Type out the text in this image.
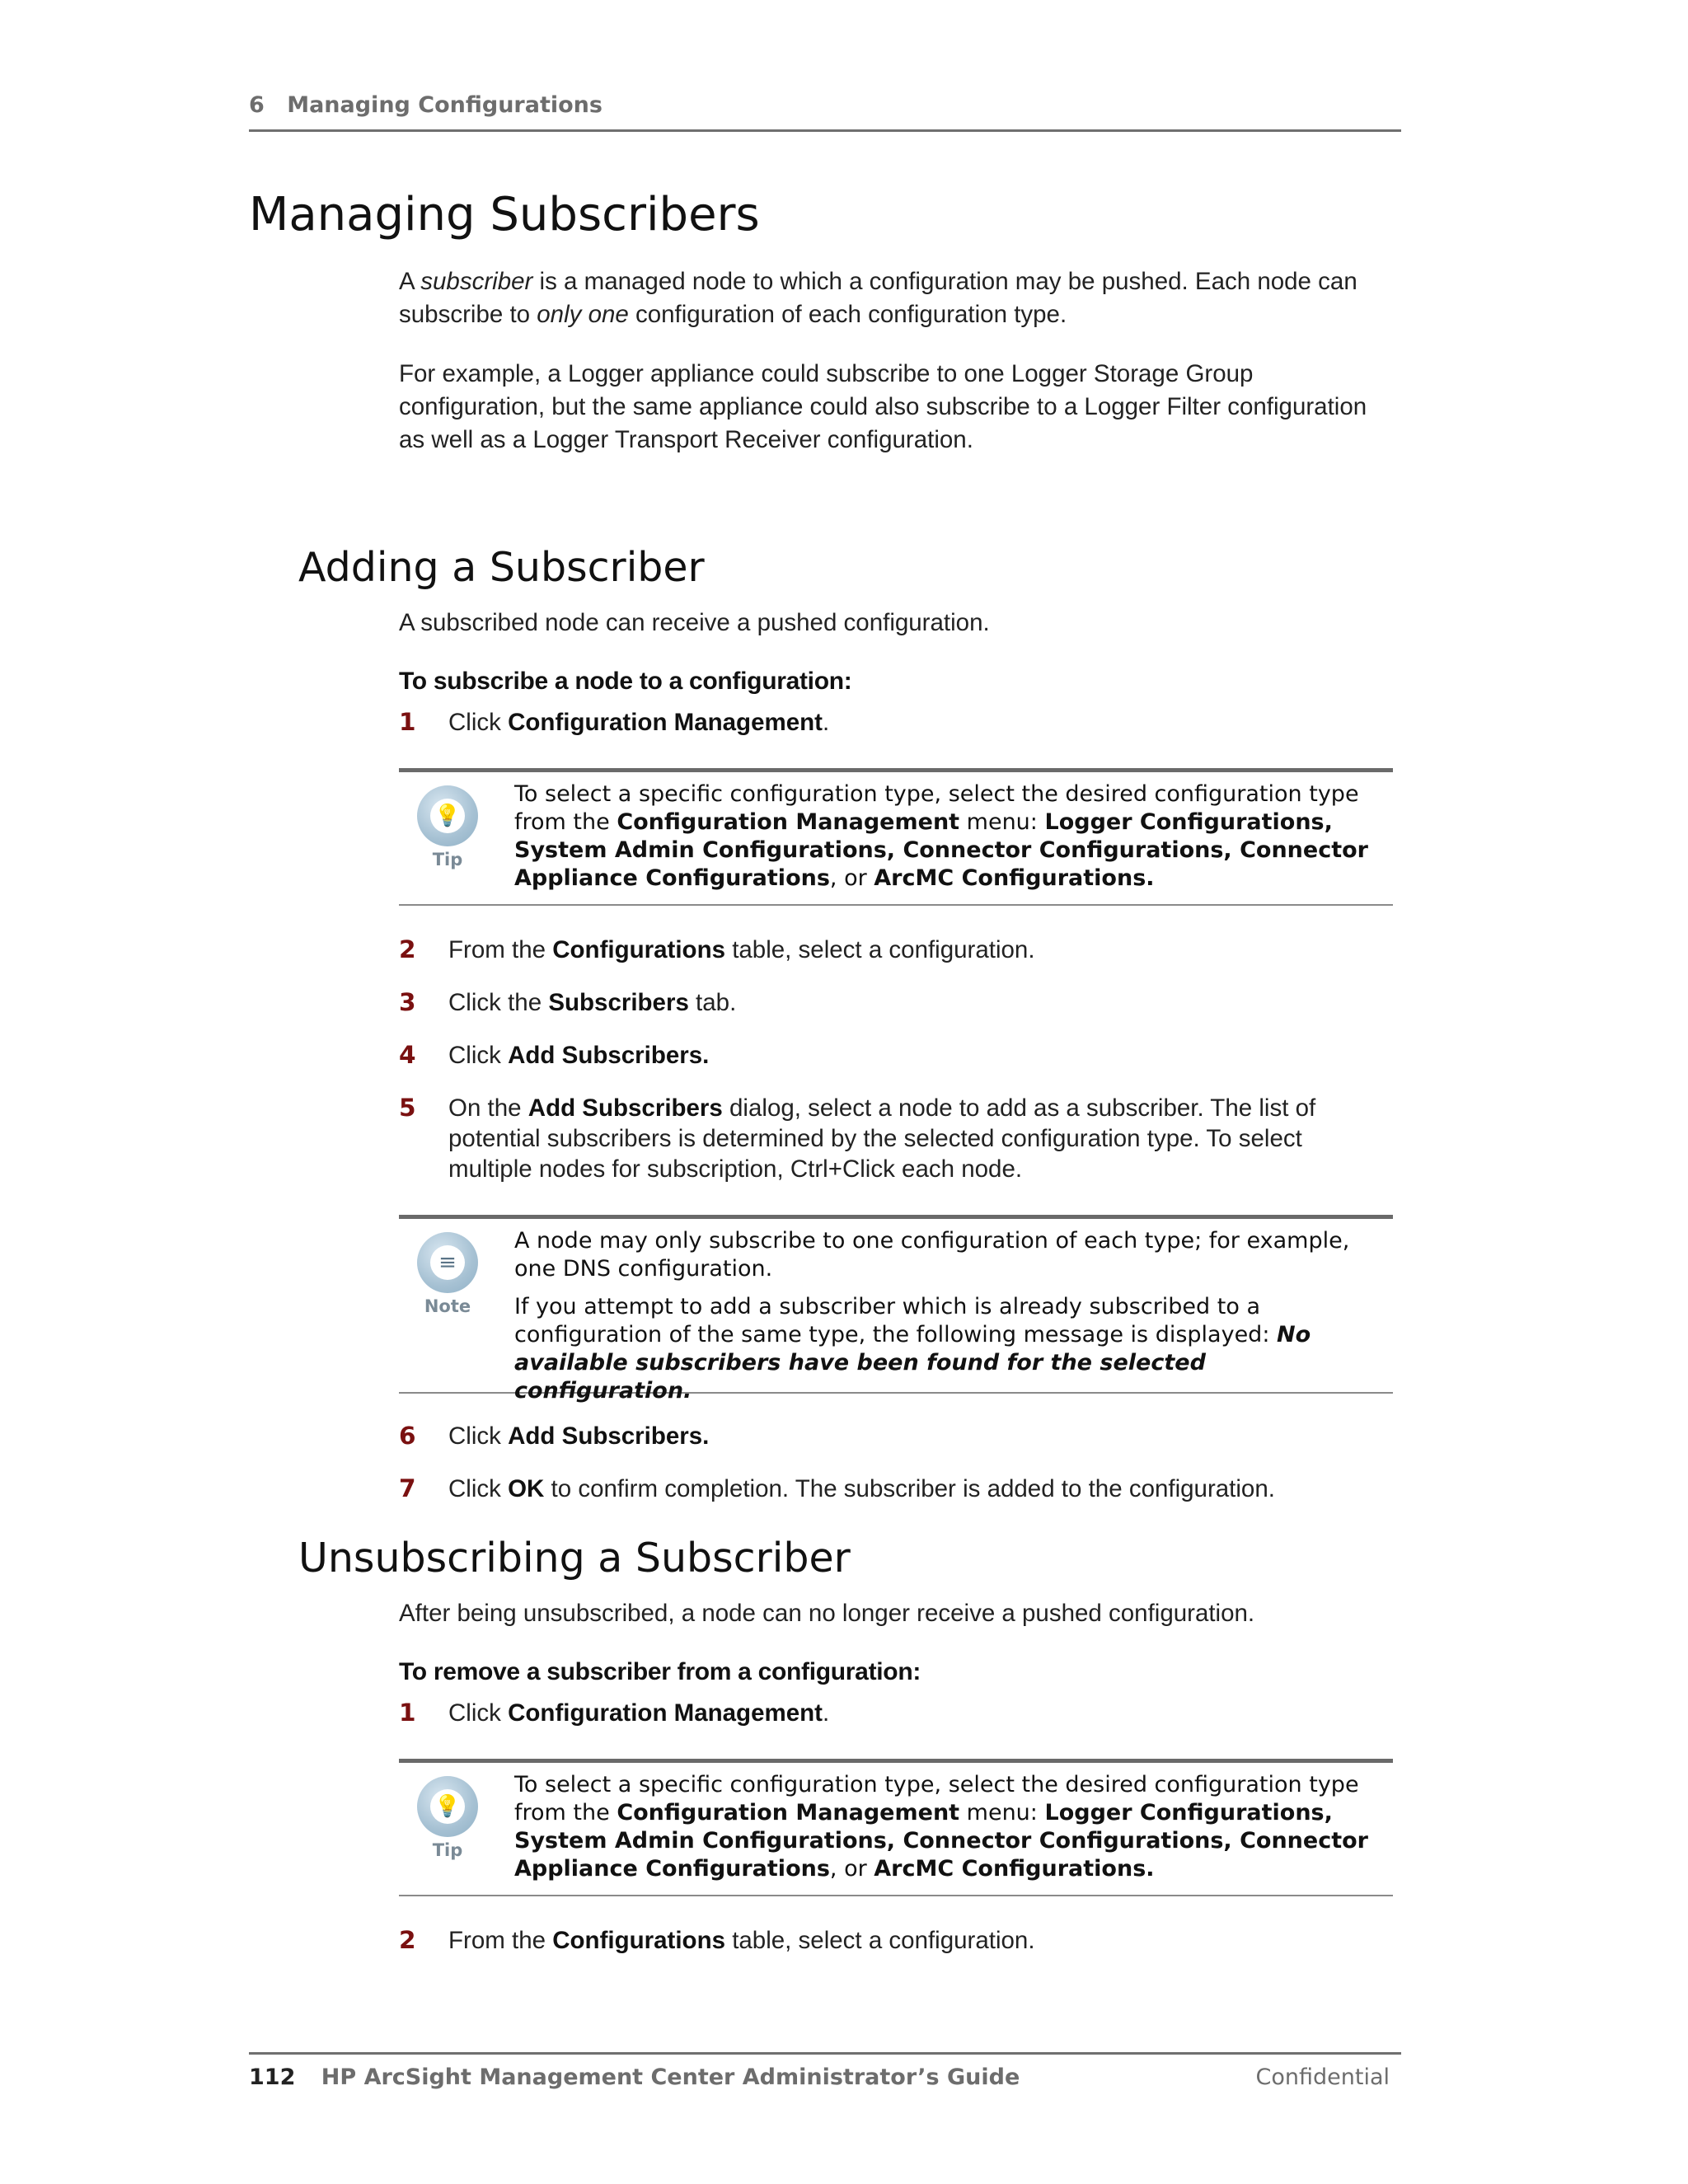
6 Managing Configurations
Managing Subscribers

A subscriber is a managed node to which a configuration may be pushed. Each node can subscribe to only one configuration of each configuration type.

For example, a Logger appliance could subscribe to one Logger Storage Group configuration, but the same appliance could also subscribe to a Logger Filter configuration as well as a Logger Transport Receiver configuration.

Adding a Subscriber

A subscribed node can receive a pushed configuration.

To subscribe a node to a configuration:

1	Click Configuration Management.
💡
Tip
To select a specific configuration type, select the desired configuration type from the Configuration Management menu: Logger Configurations, System Admin Configurations, Connector Configurations, Connector Appliance Configurations, or ArcMC Configurations.
2	From the Configurations table, select a configuration.
3	Click the Subscribers tab.
4	Click Add Subscribers.
5	On the Add Subscribers dialog, select a node to add as a subscriber. The list of potential subscribers is determined by the selected configuration type. To select multiple nodes for subscription, Ctrl+Click each node.
≡
Note

A node may only subscribe to one configuration of each type; for example, one DNS configuration.

If you attempt to add a subscriber which is already subscribed to a configuration of the same type, the following message is displayed: No available subscribers have been found for the selected configuration.

6	Click Add Subscribers.
7	Click OK to confirm completion. The subscriber is added to the configuration.
Unsubscribing a Subscriber

After being unsubscribed, a node can no longer receive a pushed configuration.

To remove a subscriber from a configuration:

1	Click Configuration Management.
💡
Tip
To select a specific configuration type, select the desired configuration type from the Configuration Management menu: Logger Configurations, System Admin Configurations, Connector Configurations, Connector Appliance Configurations, or ArcMC Configurations.
2	From the Configurations table, select a configuration.
112 HP ArcSight Management Center Administrator’s Guide	Confidential
